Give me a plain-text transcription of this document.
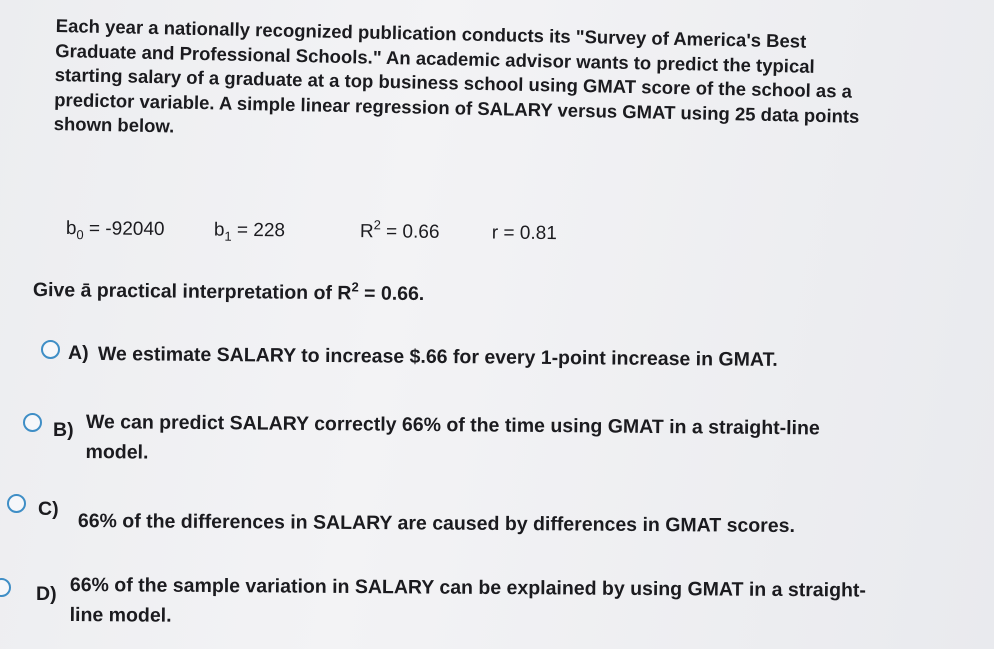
Each year a nationally recognized publication conducts its "Survey of America's Best Graduate and Professional Schools." An academic advisor wants to predict the typical starting salary of a graduate at a top business school using GMAT score of the school as a predictor variable. A simple linear regression of SALARY versus GMAT using 25 data points shown below.
$b_0 = -92040$	$b_1 = 228$	$R^2 = 0.66$	r = 0.81
Give ā practical interpretation of $R^2 = 0.66$.
A) We estimate SALARY to increase $.66 for every 1-point increase in GMAT.
B) We can predict SALARY correctly 66% of the time using GMAT in a straight-line model.
C)
66% of the differences in SALARY are caused by differences in GMAT scores.
D) 66% of the sample variation in SALARY can be explained by using GMAT in a straight-line model.
